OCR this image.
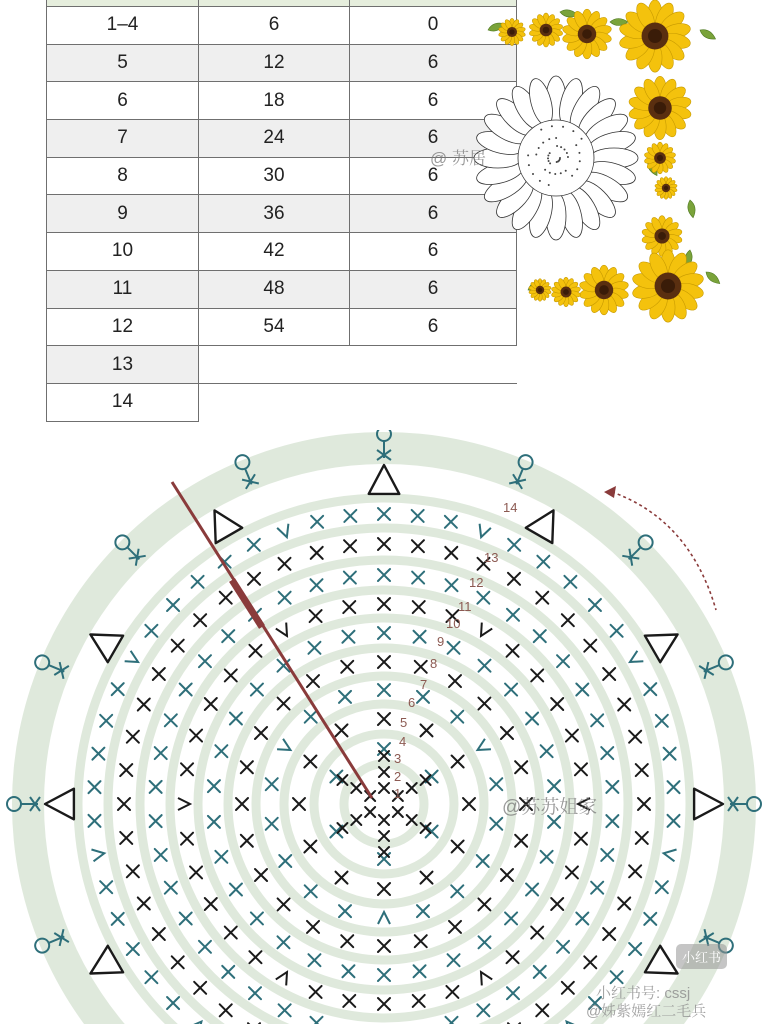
1–4	6	0
5	12	6
6	18	6
7	24	6
8	30	6
9	36	6
10	42	6
11	48	6
12	54	6
13		
14		
1
2
3
4
5
6
7
8
9
10
11
12
13
14
@ 苏居
@苏苏姐家
小红书
小红书号: cssj
@姊紫嫣红二毛兵
